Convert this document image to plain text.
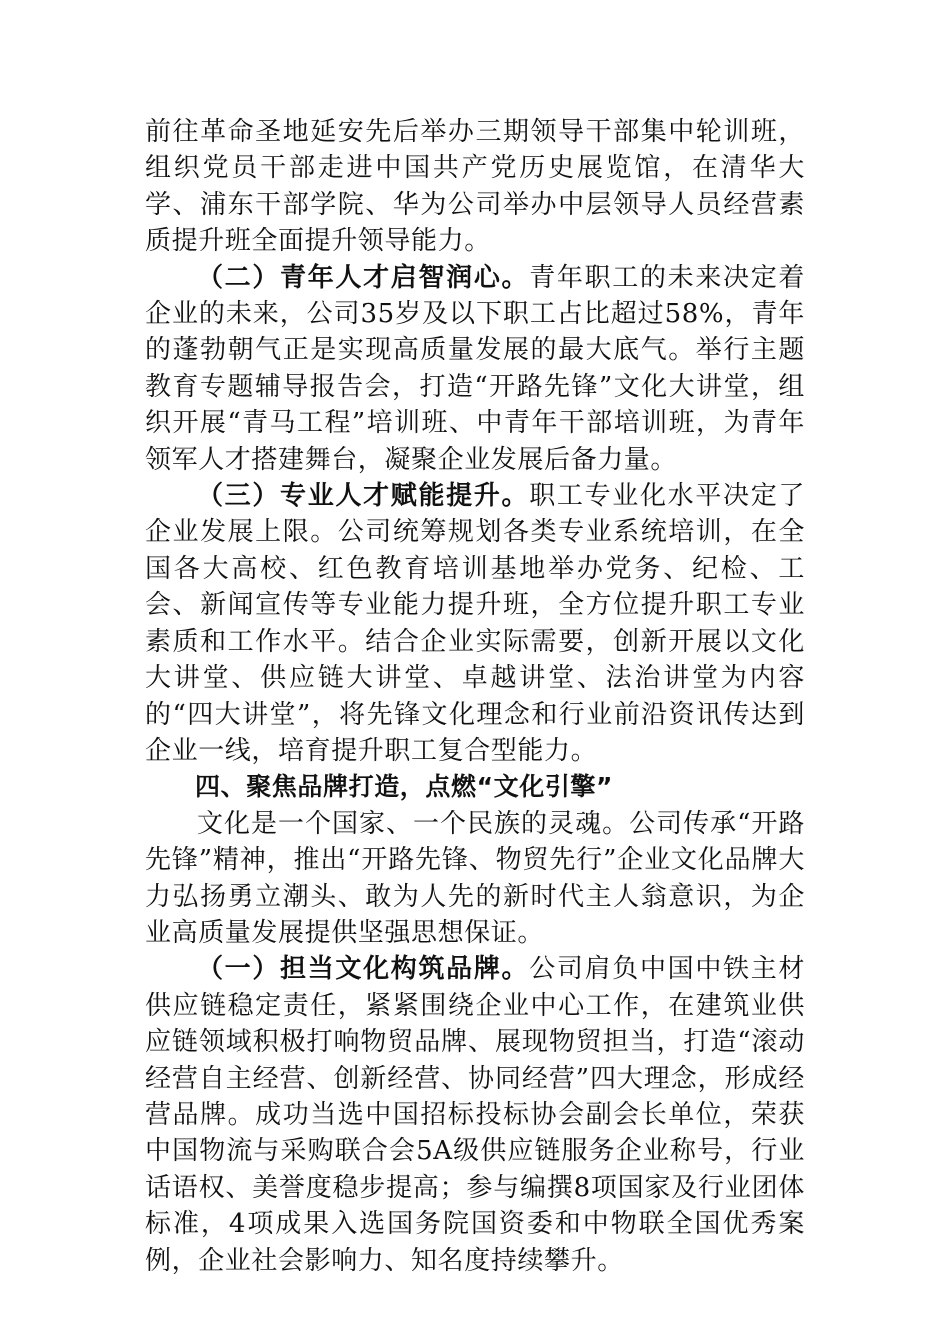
前往革命圣地延安先后举办三期领导干部集中轮训班，组织党员干部走进中国共产党历史展览馆，在清华大学、浦东干部学院、华为公司举办中层领导人员经营素质提升班全面提升领导能力。

（二）青年人才启智润心。青年职工的未来决定着企业的未来，公司35岁及以下职工占比超过58%，青年的蓬勃朝气正是实现高质量发展的最大底气。举行主题教育专题辅导报告会，打造“开路先锋”文化大讲堂，组织开展“青马工程”培训班、中青年干部培训班，为青年领军人才搭建舞台，凝聚企业发展后备力量。

（三）专业人才赋能提升。职工专业化水平决定了企业发展上限。公司统筹规划各类专业系统培训，在全国各大高校、红色教育培训基地举办党务、纪检、工会、新闻宣传等专业能力提升班，全方位提升职工专业素质和工作水平。结合企业实际需要，创新开展以文化大讲堂、供应链大讲堂、卓越讲堂、法治讲堂为内容的“四大讲堂”，将先锋文化理念和行业前沿资讯传达到企业一线，培育提升职工复合型能力。

四、聚焦品牌打造，点燃“文化引擎”

文化是一个国家、一个民族的灵魂。公司传承“开路先锋”精神，推出“开路先锋、物贸先行”企业文化品牌大力弘扬勇立潮头、敢为人先的新时代主人翁意识，为企业高质量发展提供坚强思想保证。

（一）担当文化构筑品牌。公司肩负中国中铁主材供应链稳定责任，紧紧围绕企业中心工作，在建筑业供应链领域积极打响物贸品牌、展现物贸担当，打造“滚动经营自主经营、创新经营、协同经营”四大理念，形成经营品牌。成功当选中国招标投标协会副会长单位，荣获中国物流与采购联合会5A级供应链服务企业称号，行业话语权、美誉度稳步提高；参与编撰8项国家及行业团体标准，4项成果入选国务院国资委和中物联全国优秀案例，企业社会影响力、知名度持续攀升。
